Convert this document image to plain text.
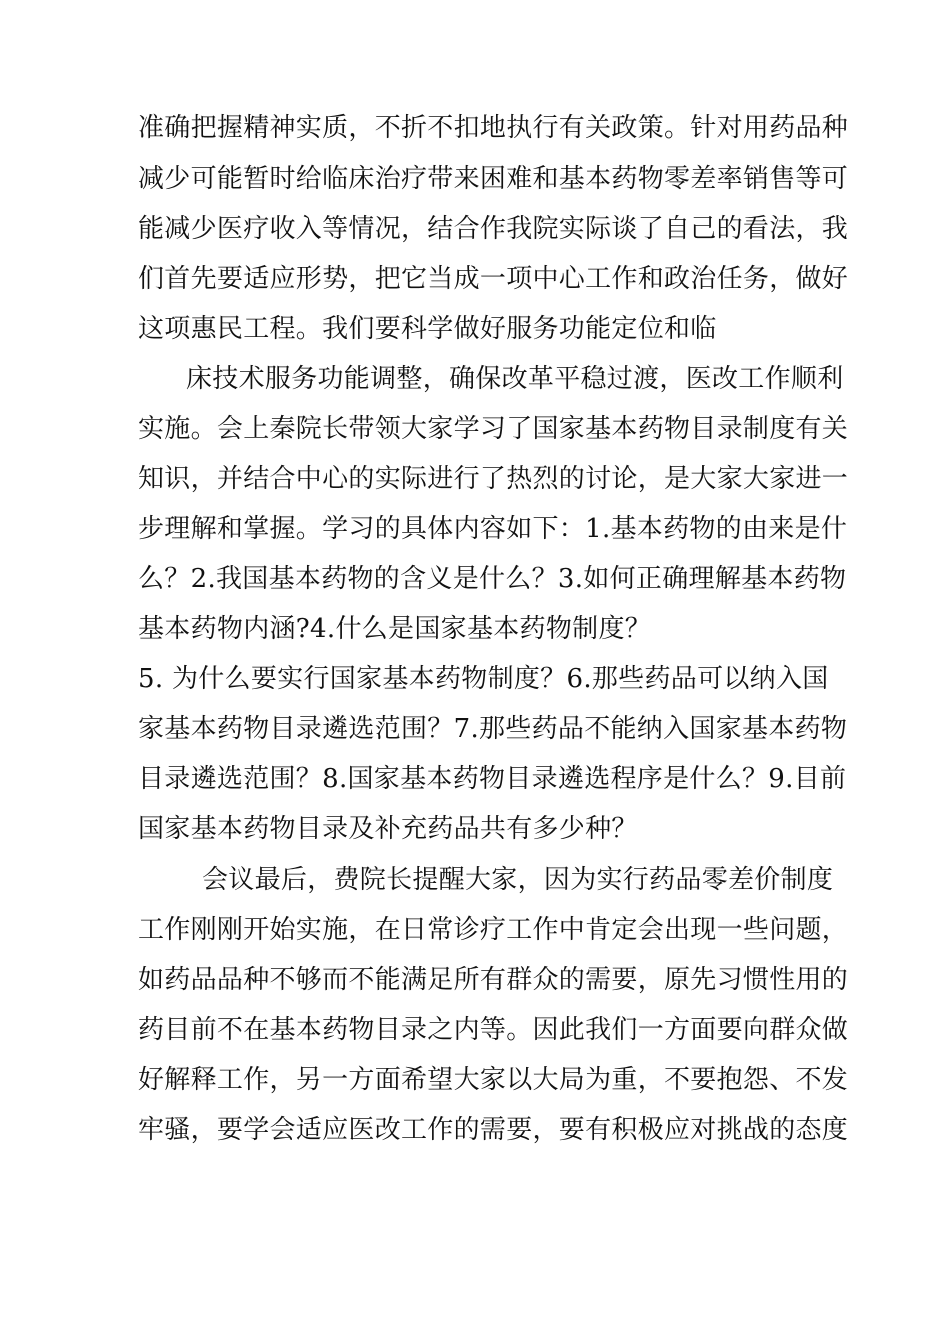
准确把握精神实质，不折不扣地执行有关政策。针对用药品种
减少可能暂时给临床治疗带来困难和基本药物零差率销售等可
能减少医疗收入等情况，结合作我院实际谈了自己的看法，我
们首先要适应形势，把它当成一项中心工作和政治任务，做好
这项惠民工程。我们要科学做好服务功能定位和临
床技术服务功能调整，确保改革平稳过渡，医改工作顺利
实施。会上秦院长带领大家学习了国家基本药物目录制度有关
知识，并结合中心的实际进行了热烈的讨论，是大家大家进一
步理解和掌握。学习的具体内容如下：1.基本药物的由来是什
么？2.我国基本药物的含义是什么？3.如何正确理解基本药物
基本药物内涵?4.什么是国家基本药物制度？
5. 为什么要实行国家基本药物制度？6.那些药品可以纳入国
家基本药物目录遴选范围？7.那些药品不能纳入国家基本药物
目录遴选范围？8.国家基本药物目录遴选程序是什么？9.目前
国家基本药物目录及补充药品共有多少种？
会议最后，费院长提醒大家，因为实行药品零差价制度
工作刚刚开始实施，在日常诊疗工作中肯定会出现一些问题，
如药品品种不够而不能满足所有群众的需要，原先习惯性用的
药目前不在基本药物目录之内等。因此我们一方面要向群众做
好解释工作，另一方面希望大家以大局为重，不要抱怨、不发
牢骚，要学会适应医改工作的需要，要有积极应对挑战的态度
